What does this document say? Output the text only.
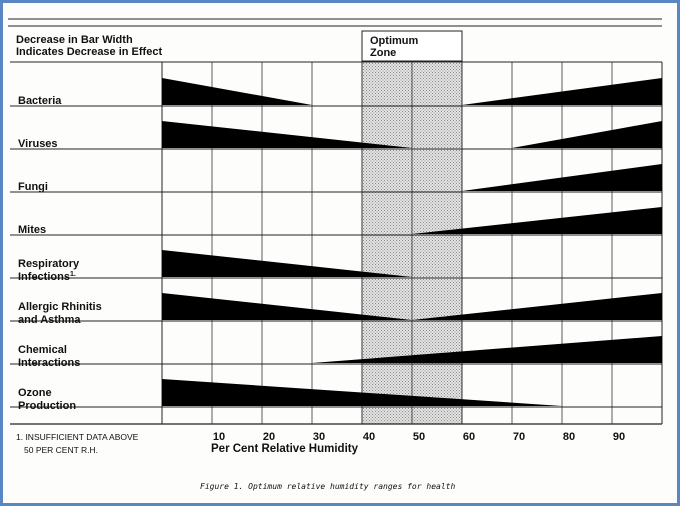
Decrease in Bar Width
Indicates Decrease in Effect
Optimum
Zone
Bacteria
Viruses
Fungi
Mites
Respiratory
Infections$^{1.}$
Allergic Rhinitis
and Asthma
Chemical
Interactions
Ozone
Production
10	20	30	40	50	60	70	80	90
Per Cent Relative Humidity
1. INSUFFICIENT DATA ABOVE
50 PER CENT R.H.
Figure 1. Optimum relative humidity ranges for health
